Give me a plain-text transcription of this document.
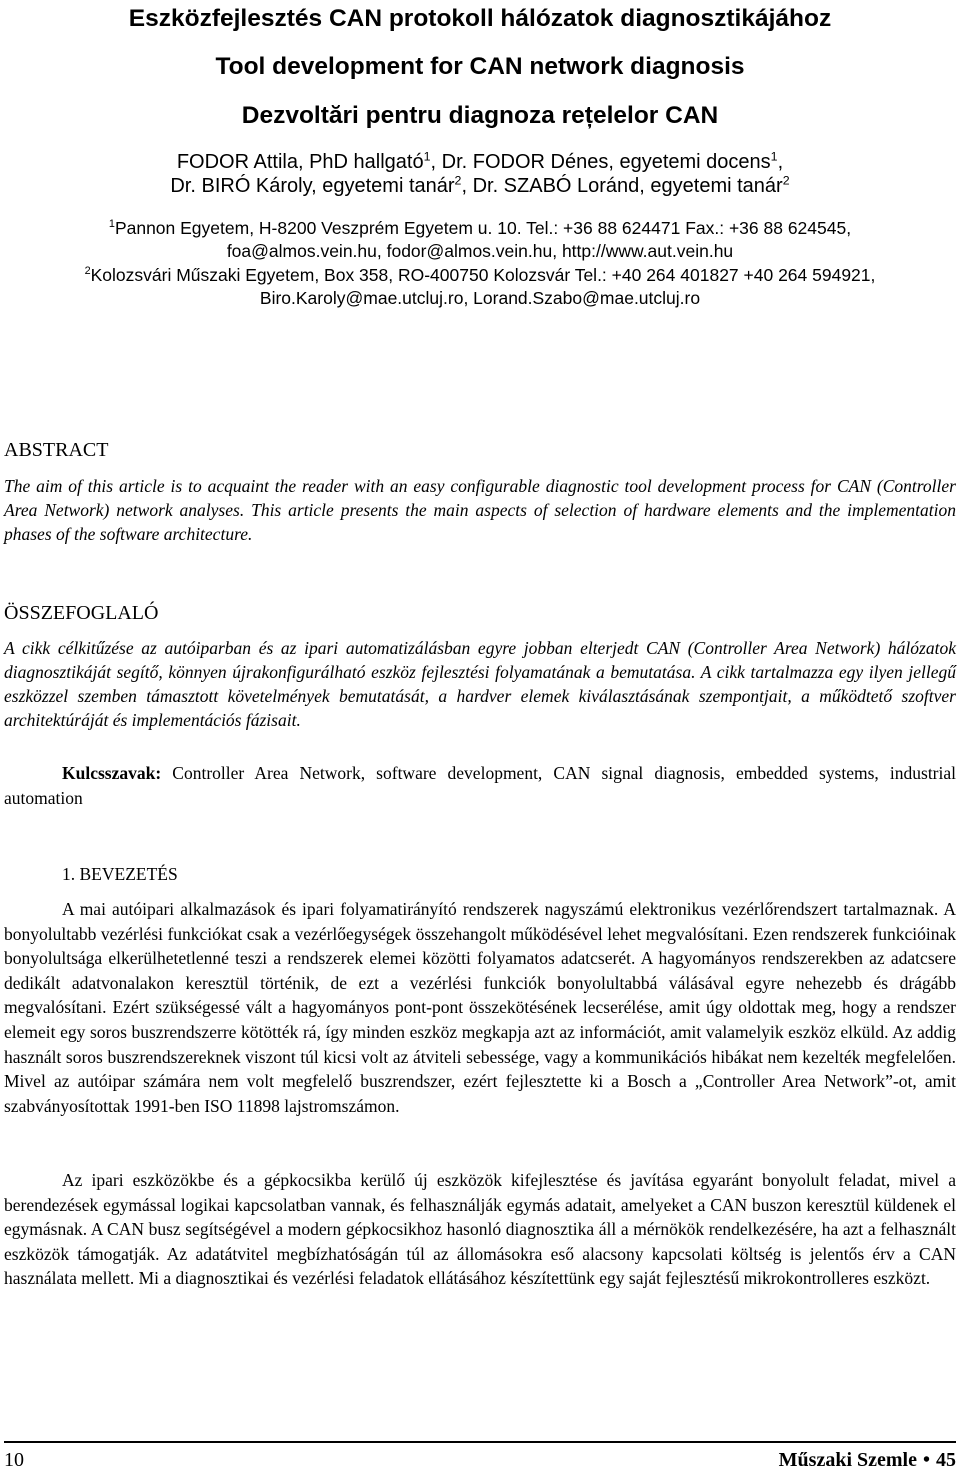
Eszközfejlesztés CAN protokoll hálózatok diagnosztikájához
Tool development for CAN network diagnosis
Dezvoltări pentru diagnoza rețelelor CAN
FODOR Attila, PhD hallgató$^1$, Dr. FODOR Dénes, egyetemi docens$^1$,
Dr. BIRÓ Károly, egyetemi tanár$^2$, Dr. SZABÓ Loránd, egyetemi tanár$^2$
$^1$Pannon Egyetem, H-8200 Veszprém Egyetem u. 10. Tel.: +36 88 624471 Fax.: +36 88 624545,
foa@almos.vein.hu, fodor@almos.vein.hu, http://www.aut.vein.hu
$^2$Kolozsvári Műszaki Egyetem, Box 358, RO-400750 Kolozsvár Tel.: +40 264 401827 +40 264 594921,
Biro.Karoly@mae.utcluj.ro, Lorand.Szabo@mae.utcluj.ro
ABSTRACT
The aim of this article is to acquaint the reader with an easy configurable diagnostic tool development process for CAN (Controller Area Network) network analyses. This article presents the main aspects of selection of hardware elements and the implementation phases of the software architecture.
ÖSSZEFOGLALÓ
A cikk célkitűzése az autóiparban és az ipari automatizálásban egyre jobban elterjedt CAN (Controller Area Network) hálózatok diagnosztikáját segítő, könnyen újrakonfigurálható eszköz fejlesztési folyamatának a bemutatása. A cikk tartalmazza egy ilyen jellegű eszközzel szemben támasztott követelmények bemutatását, a hardver elemek kiválasztásának szempontjait, a működtető szoftver architektúráját és implementációs fázisait.
Kulcsszavak: Controller Area Network, software development, CAN signal diagnosis, embedded systems, industrial automation
1. BEVEZETÉS
A mai autóipari alkalmazások és ipari folyamatirányító rendszerek nagyszámú elektronikus vezérlőrendszert tartalmaznak. A bonyolultabb vezérlési funkciókat csak a vezérlőegységek összehangolt működésével lehet megvalósítani. Ezen rendszerek funkcióinak bonyolultsága elkerülhetetlenné teszi a rendszerek elemei közötti folyamatos adatcserét. A hagyományos rendszerekben az adatcsere dedikált adatvonalakon keresztül történik, de ezt a vezérlési funkciók bonyolultabbá válásával egyre nehezebb és drágább megvalósítani. Ezért szükségessé vált a hagyományos pont-pont összekötésének lecserélése, amit úgy oldottak meg, hogy a rendszer elemeit egy soros buszrendszerre kötötték rá, így minden eszköz megkapja azt az információt, amit valamelyik eszköz elküld. Az addig használt soros buszrendszereknek viszont túl kicsi volt az átviteli sebessége, vagy a kommunikációs hibákat nem kezelték megfelelően. Mivel az autóipar számára nem volt megfelelő buszrendszer, ezért fejlesztette ki a Bosch a „Controller Area Network”-ot, amit szabványosítottak 1991-ben ISO 11898 lajstromszámon.
Az ipari eszközökbe és a gépkocsikba kerülő új eszközök kifejlesztése és javítása egyaránt bonyolult feladat, mivel a berendezések egymással logikai kapcsolatban vannak, és felhasználják egymás adatait, amelyeket a CAN buszon keresztül küldenek el egymásnak. A CAN busz segítségével a modern gépkocsikhoz hasonló diagnosztika áll a mérnökök rendelkezésére, ha azt a felhasznált eszközök támogatják. Az adatátvitel megbízhatóságán túl az állomásokra eső alacsony kapcsolati költség is jelentős érv a CAN használata mellett. Mi a diagnosztikai és vezérlési feladatok ellátásához készítettünk egy saját fejlesztésű mikrokontrolleres eszközt.
10	Műszaki Szemle • 45
